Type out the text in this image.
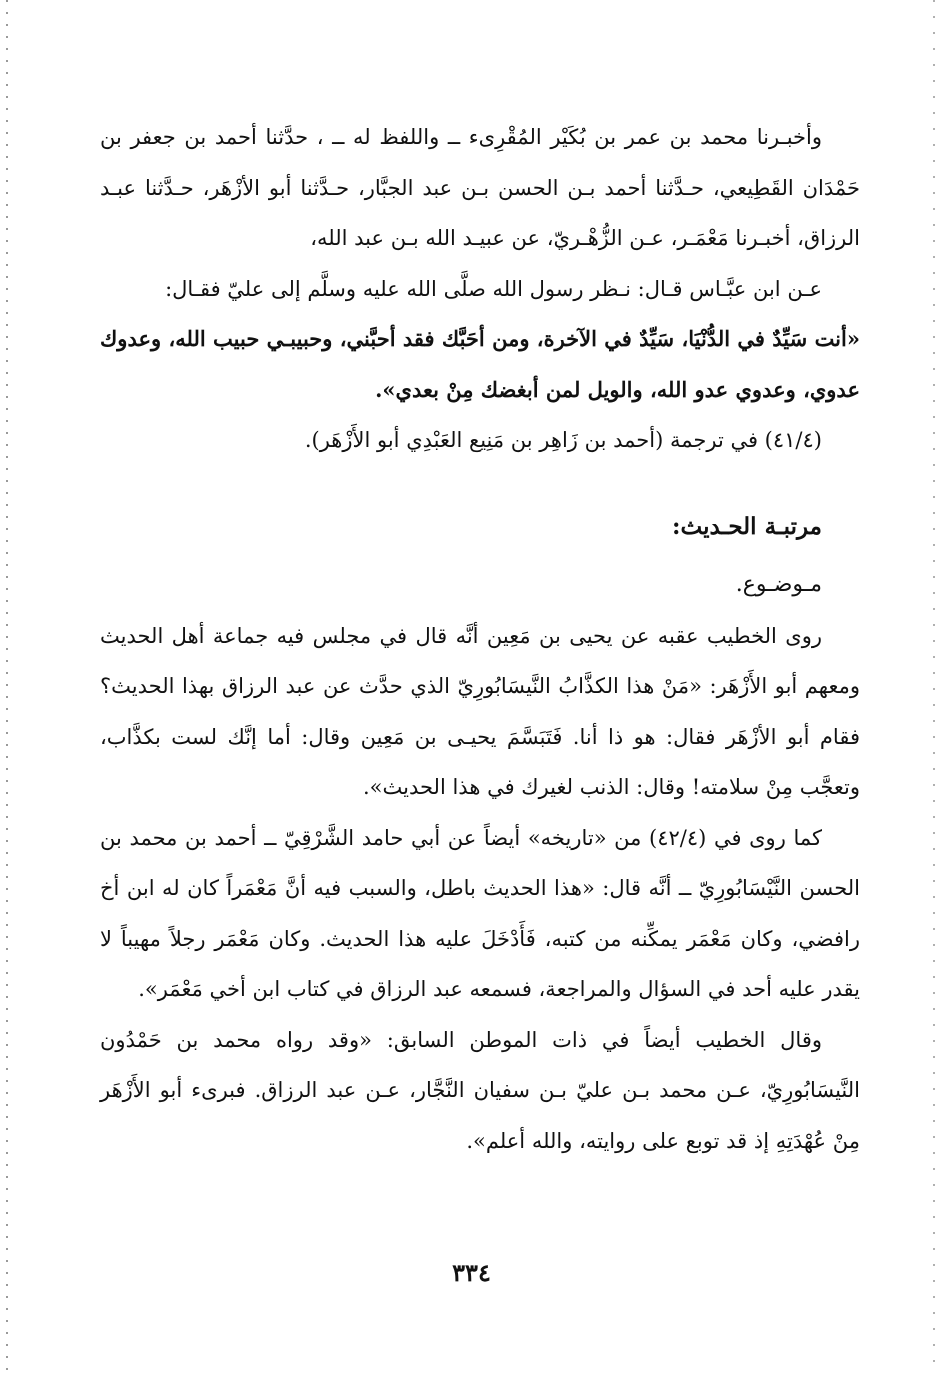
وأخبـرنا محمد بن عمر بن بُكَيْر المُقْرِىء ــ واللفظ له ــ ، حدَّثنا أحمد بن جعفر بن حَمْدَان القَطِيعي، حـدَّثنا أحمد بـن الحسن بـن عبد الجبَّار، حـدَّثنا أبو الأزْهَر، حـدَّثنا عبـد الرزاق، أخبـرنا مَعْمَـر، عـن الزُّهْـريّ، عن عبيـد الله بـن عبد الله،

عـن ابن عبَّـاس قـال: نـظر رسول الله صلَّى الله عليه وسلَّم إلى عليّ فقـال:

«أنت سَيِّدٌ في الدُّنْيَا، سَيِّدٌ في الآخرة، ومن أحَبَّك فقد أحبَّني، وحبيبـي حبيب الله، وعدوك عدوي، وعدوي عدو الله، والويل لمن أبغضك مِنْ بعدي».

(٤١/٤) في ترجمة (أحمد بن زَاهِر بن مَنِيع العَبْدِي أبو الأَزْهَر).

مرتبـة الحـديث:

مـوضـوع.

روى الخطيب عقبه عن يحيى بن مَعِين أنَّه قال في مجلس فيه جماعة أهل الحديث ومعهم أبو الأَزْهَر: «مَنْ هذا الكذَّابُ النَّيسَابُورِيّ الذي حدَّث عن عبد الرزاق بهذا الحديث؟ فقام أبو الأزْهَر فقال: هو ذا أنا. فَتَبَسَّمَ يحيـى بن مَعِين وقال: أما إنَّك لست بكذَّاب، وتعجَّب مِنْ سلامته! وقال: الذنب لغيرك في هذا الحديث».

كما روى في (٤٢/٤) من «تاريخه» أيضاً عن أبي حامد الشَّرْقِيّ ــ أحمد بن محمد بن الحسن النَّيْسَابُورِيّ ــ أنَّه قال: «هذا الحديث باطل، والسبب فيه أنَّ مَعْمَراً كان له ابن أخ رافضي، وكان مَعْمَر يمكِّنه من كتبه، فَأَدْخَلَ عليه هذا الحديث. وكان مَعْمَر رجلاً مهيباً لا يقدر عليه أحد في السؤال والمراجعة، فسمعه عبد الرزاق في كتاب ابن أخي مَعْمَر».

وقال الخطيب أيضاً في ذات الموطن السابق: «وقد رواه محمد بن حَمْدُون النَّيسَابُورِيّ، عـن محمد بـن عليّ بـن سفيان النَّجَّار، عـن عبد الرزاق. فبرىء أبو الأَزْهَر مِنْ عُهْدَتِهِ إذ قد توبع على روايته، والله أعلم».

٣٣٤
